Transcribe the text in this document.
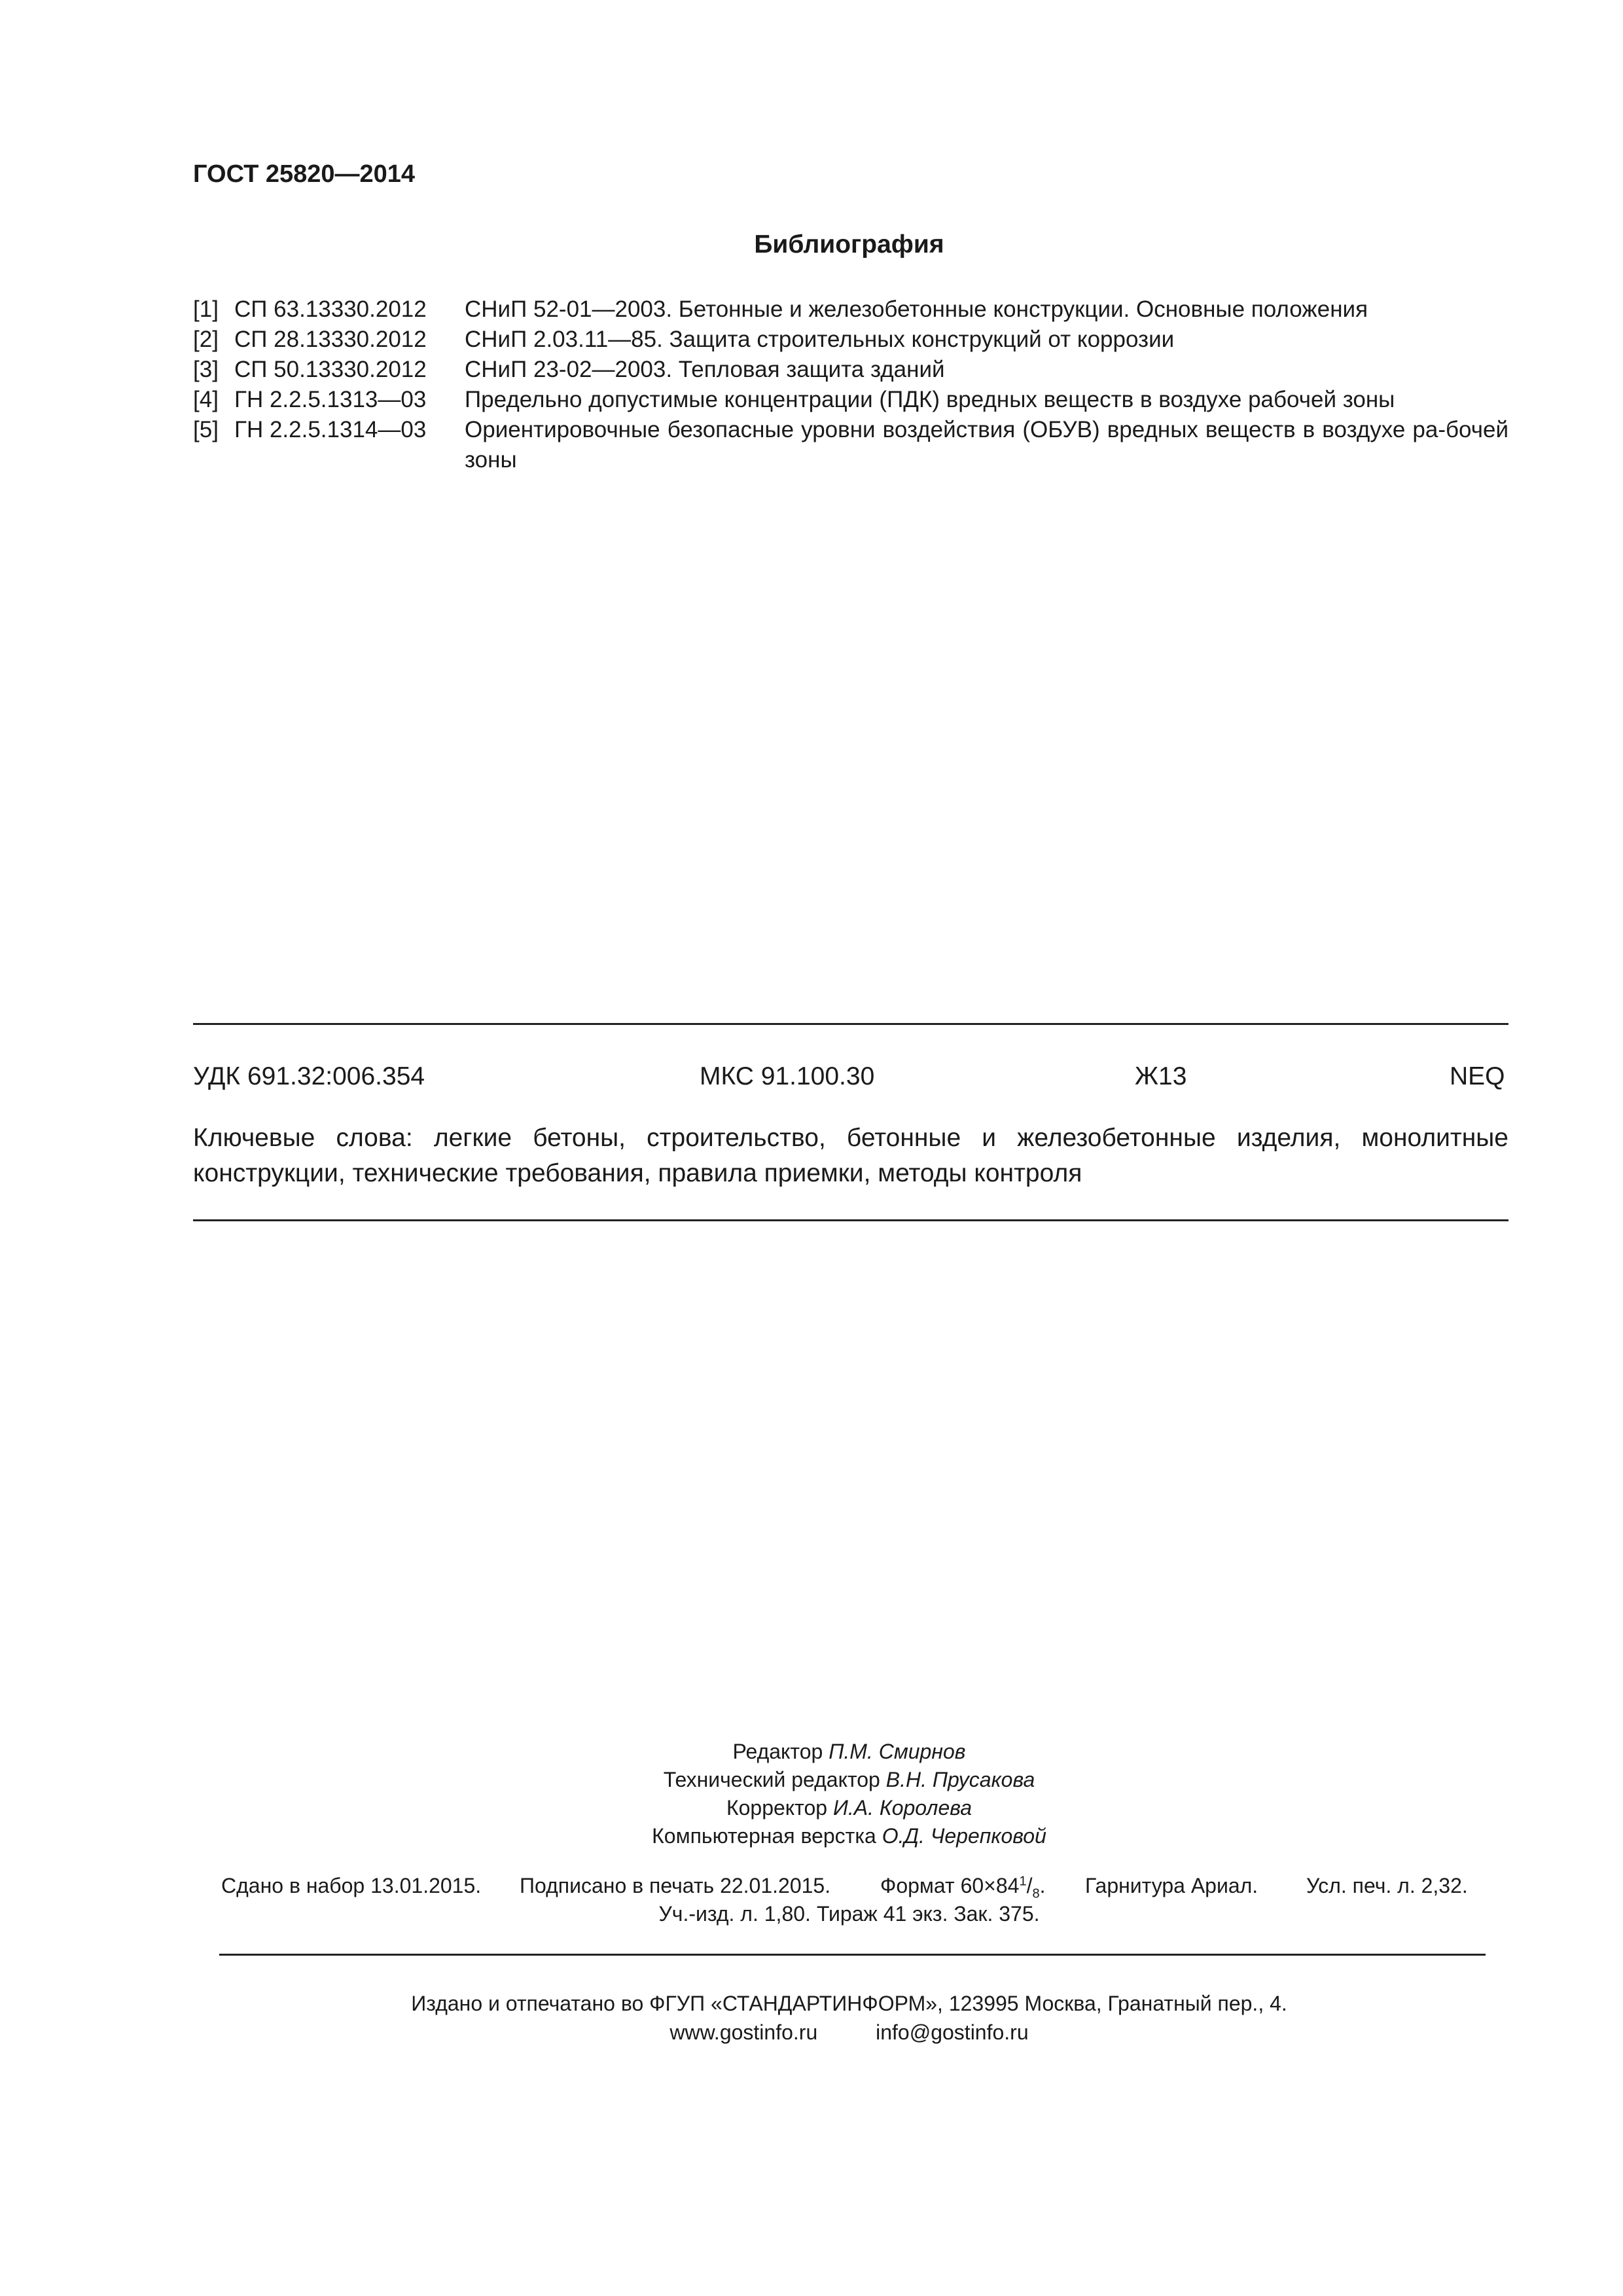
ГОСТ 25820—2014
Библиография
[1] СП 63.13330.2012	СНиП 52-01—2003. Бетонные и железобетонные конструкции. Основные положения
[2] СП 28.13330.2012	СНиП 2.03.11—85. Защита строительных конструкций от коррозии
[3] СП 50.13330.2012	СНиП 23-02—2003. Тепловая защита зданий
[4] ГН 2.2.5.1313—03	Предельно допустимые концентрации (ПДК) вредных веществ в воздухе рабочей зоны
[5] ГН 2.2.5.1314—03	Ориентировочные безопасные уровни воздействия (ОБУВ) вредных веществ в воздухе ра-бочей зоны
УДК 691.32:006.354	МКС 91.100.30	Ж13	NEQ
Ключевые слова: легкие бетоны, строительство, бетонные и железобетонные изделия, монолитные конструкции, технические требования, правила приемки, методы контроля
Редактор П.М. Смирнов
Технический редактор В.Н. Прусакова
Корректор И.А. Королева
Компьютерная верстка О.Д. Черепковой
Сдано в набор 13.01.2015. Подписано в печать 22.01.2015. Формат $60\times 84^1/_8$. Гарнитура Ариал. Усл. печ. л. 2,32.
Уч.-изд. л. 1,80. Тираж 41 экз. Зак. 375.
Издано и отпечатано во ФГУП «СТАНДАРТИНФОРМ», 123995 Москва, Гранатный пер., 4.
www.gostinfo.ru	info@gostinfo.ru
